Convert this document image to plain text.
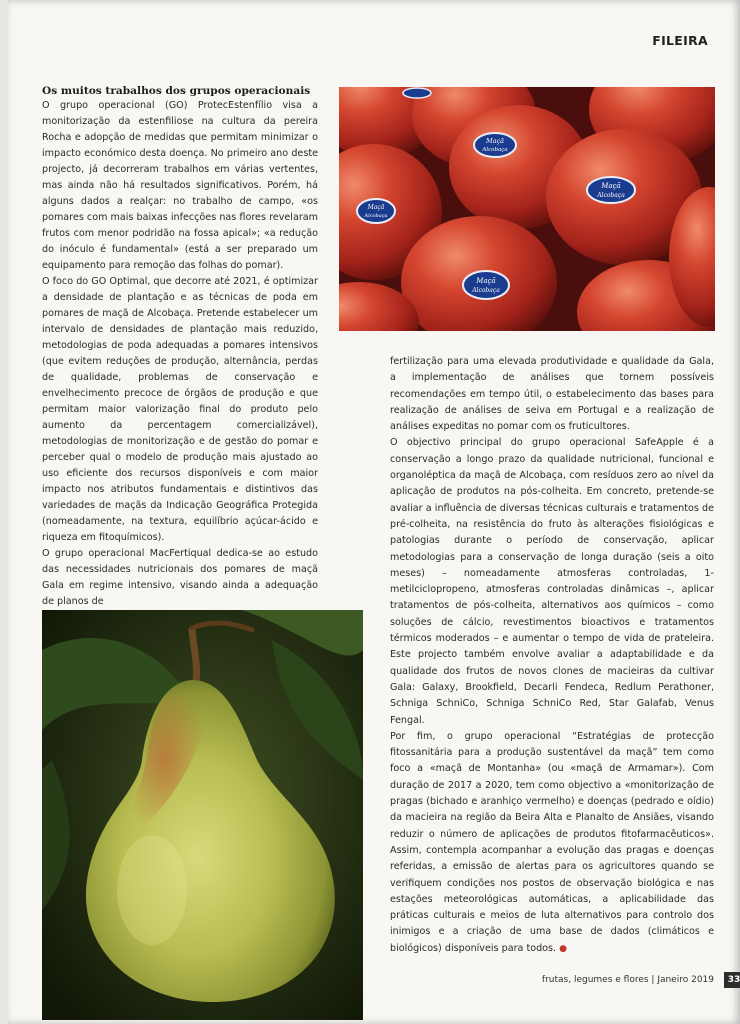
FILEIRA
Os muitos trabalhos dos grupos operacionais

O grupo operacional (GO) ProtecEstenfílio visa a monitorização da estenfiliose na cultura da pereira Rocha e adopção de medidas que permitam minimizar o impacto económico desta doença. No primeiro ano deste projecto, já decorreram trabalhos em várias vertentes, mas ainda não há resultados significativos. Porém, há alguns dados a realçar: no trabalho de campo, «os pomares com mais baixas infecções nas flores revelaram frutos com menor podridão na fossa apical»; «a redução do inóculo é fundamental» (está a ser preparado um equipamento para remoção das folhas do pomar).

O foco do GO Optimal, que decorre até 2021, é optimizar a densidade de plantação e as técnicas de poda em pomares de maçã de Alcobaça. Pretende estabelecer um intervalo de densidades de plantação mais reduzido, metodologias de poda adequadas a pomares intensivos (que evitem reduções de produção, alternância, perdas de qualidade, problemas de conservação e envelhecimento precoce de órgãos de produção e que permitam maior valorização final do produto pelo aumento da percentagem comercializável), metodologias de monitorização e de gestão do pomar e perceber qual o modelo de produção mais ajustado ao uso eficiente dos recursos disponíveis e com maior impacto nos atributos fundamentais e distintivos das variedades de maçãs da Indicação Geográfica Protegida (nomeadamente, na textura, equilíbrio açúcar-ácido e riqueza em fitoquímicos).

O grupo operacional MacFertiqual dedica-se ao estudo das necessidades nutricionais dos pomares de maçã Gala em regime intensivo, visando ainda a adequação de planos de

Maçã
Alcobaça
Maçã
Alcobaça
Maçã
Alcobaça
Maçã
Alcobaça

fertilização para uma elevada produtividade e qualidade da Gala, a implementação de análises que tornem possíveis recomendações em tempo útil, o estabelecimento das bases para realização de análises de seiva em Portugal e a realização de análises expeditas no pomar com os fruticultores.

O objectivo principal do grupo operacional SafeApple é a conservação a longo prazo da qualidade nutricional, funcional e organoléptica da maçã de Alcobaça, com resíduos zero ao nível da aplicação de produtos na pós-colheita. Em concreto, pretende-se avaliar a influência de diversas técnicas culturais e tratamentos de pré-colheita, na resistência do fruto às alterações fisiológicas e patologias durante o período de conservação, aplicar metodologias para a conservação de longa duração (seis a oito meses) – nomeadamente atmosferas controladas, 1-metilciclopropeno, atmosferas controladas dinâmicas –, aplicar tratamentos de pós-colheita, alternativos aos químicos – como soluções de cálcio, revestimentos bioactivos e tratamentos térmicos moderados – e aumentar o tempo de vida de prateleira. Este projecto também envolve avaliar a adaptabilidade e da qualidade dos frutos de novos clones de macieiras da cultivar Gala: Galaxy, Brookfield, Decarli Fendeca, Redlum Perathoner, Schniga SchniCo, Schniga SchniCo Red, Star Galafab, Venus Fengal.

Por fim, o grupo operacional “Estratégias de protecção fitossanitária para a produção sustentável da maçã” tem como foco a «maçã de Montanha» (ou «maçã de Armamar»). Com duração de 2017 a 2020, tem como objectivo a «monitorização de pragas (bichado e aranhiço vermelho) e doenças (pedrado e oídio) da macieira na região da Beira Alta e Planalto de Ansiães, visando reduzir o número de aplicações de produtos fitofarmacêuticos». Assim, contempla acompanhar a evolução das pragas e doenças referidas, a emissão de alertas para os agricultores quando se verifiquem condições nos postos de observação biológica e nas estações meteorológicas automáticas, a aplicabilidade das práticas culturais e meios de luta alternativos para controlo dos inimigos e a criação de uma base de dados (climáticos e biológicos) disponíveis para todos. ●

frutas, legumes e flores | Janeiro 2019	33
